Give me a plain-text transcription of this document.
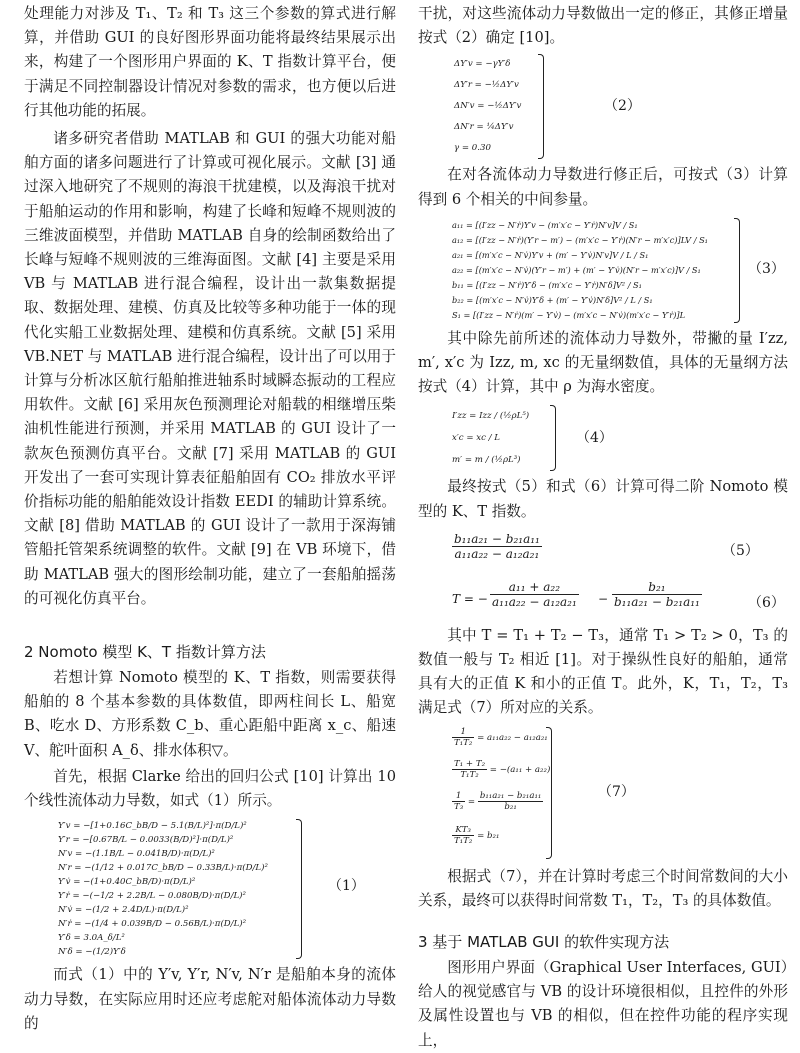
处理能力对涉及 T₁、T₂ 和 T₃ 这三个参数的算式进行解算，并借助 GUI 的良好图形界面功能将最终结果展示出来，构建了一个图形用户界面的 K、T 指数计算平台，便于满足不同控制器设计情况对参数的需求，也方便以后进行其他功能的拓展。

诸多研究者借助 MATLAB 和 GUI 的强大功能对船舶方面的诸多问题进行了计算或可视化展示。文献 [3] 通过深入地研究了不规则的海浪干扰建模，以及海浪干扰对于船舶运动的作用和影响，构建了长峰和短峰不规则波的三维波面模型，并借助 MATLAB 自身的绘制函数给出了长峰与短峰不规则波的三维海面图。文献 [4] 主要是采用 VB 与 MATLAB 进行混合编程，设计出一款集数据提取、数据处理、建模、仿真及比较等多种功能于一体的现代化实船工业数据处理、建模和仿真系统。文献 [5] 采用 VB.NET 与 MATLAB 进行混合编程，设计出了可以用于计算与分析冰区航行船舶推进轴系时域瞬态振动的工程应用软件。文献 [6] 采用灰色预测理论对船载的相继增压柴油机性能进行预测，并采用 MATLAB 的 GUI 设计了一款灰色预测仿真平台。文献 [7] 采用 MATLAB 的 GUI 开发出了一套可实现计算表征船舶固有 CO₂ 排放水平评价指标功能的船舶能效设计指数 EEDI 的辅助计算系统。文献 [8] 借助 MATLAB 的 GUI 设计了一款用于深海铺管船托管架系统调整的软件。文献 [9] 在 VB 环境下，借助 MATLAB 强大的图形绘制功能，建立了一套船舶摇荡的可视化仿真平台。

2 Nomoto 模型 K、T 指数计算方法

若想计算 Nomoto 模型的 K、T 指数，则需要获得船舶的 8 个基本参数的具体数值，即两柱间长 L、船宽 B、吃水 D、方形系数 C_b、重心距船中距离 x_c、船速 V、舵叶面积 A_δ、排水体积▽。

首先，根据 Clarke 给出的回归公式 [10] 计算出 10 个线性流体动力导数，如式（1）所示。

Y′v = −[1+0.16C_bB/D − 5.1(B/L)²]·π(D/L)²
Y′r = −[0.67B/L − 0.0033(B/D)²]·π(D/L)²
N′v = −(1.1B/L − 0.041B/D)·π(D/L)²
N′r = −(1/12 + 0.017C_bB/D − 0.33B/L)·π(D/L)²
Y′v̇ = −(1+0.40C_bB/D)·π(D/L)²
Y′ṙ = −(−1/2 + 2.2B/L − 0.080B/D)·π(D/L)²
N′v̇ = −(1/2 + 2.4D/L)·π(D/L)²
N′ṙ = −(1/4 + 0.039B/D − 0.56B/L)·π(D/L)²
Y′δ = 3.0A_δ/L²
N′δ = −(1/2)Y′δ
（1）

而式（1）中的 Y′v, Y′r, N′v, N′r 是船舶本身的流体动力导数，在实际应用时还应考虑舵对船体流体动力导数的

干扰，对这些流体动力导数做出一定的修正，其修正增量按式（2）确定 [10]。

ΔY′v = −γY′δ
ΔY′r = −½ΔY′v
ΔN′v = −½ΔY′v
ΔN′r = ¼ΔY′v
γ = 0.30
（2）

在对各流体动力导数进行修正后，可按式（3）计算得到 6 个相关的中间参量。

a₁₁ = [(I′zz − N′ṙ)Y′v − (m′x′c − Y′ṙ)N′v]V / S₁
a₁₂ = [(I′zz − N′ṙ)(Y′r − m′) − (m′x′c − Y′ṙ)(N′r − m′x′c)]LV / S₁
a₂₁ = [(m′x′c − N′v̇)Y′v + (m′ − Y′v̇)N′v]V / L / S₁
a₂₂ = [(m′x′c − N′v̇)(Y′r − m′) + (m′ − Y′v̇)(N′r − m′x′c)]V / S₁
b₁₁ = [(I′zz − N′ṙ)Y′δ − (m′x′c − Y′ṙ)N′δ]V² / S₁
b₂₂ = [(m′x′c − N′v̇)Y′δ + (m′ − Y′v̇)N′δ]V² / L / S₁
S₁ = [(I′zz − N′ṙ)(m′ − Y′v̇) − (m′x′c − N′v̇)(m′x′c − Y′ṙ)]L
（3）

其中除先前所述的流体动力导数外，带撇的量 I′zz, m′, x′c 为 Izz, m, xc 的无量纲数值，具体的无量纲方法按式（4）计算，其中 ρ 为海水密度。

I′zz = Izz / (½ρL⁵)
x′c = xc / L
m′ = m / (½ρL³)
（4）

最终按式（5）和式（6）计算可得二阶 Nomoto 模型的 K、T 指数。

$\frac{\text{b₁₁a₂₁ − b₂₁a₁₁}}{\text{a₁₁a₂₂ − a₁₂a₂₁}}$	（5）
T = − $\frac{\text{a₁₁ + a₂₂}}{\text{a₁₁a₂₂ − a₁₂a₂₁}} - \frac{\text{b₂₁}}{\text{b₁₁a₂₁ − b₂₁a₁₁}}$	（6）

其中 T = T₁ + T₂ − T₃，通常 T₁ > T₂ > 0，T₃ 的数值一般与 T₂ 相近 [1]。对于操纵性良好的船舶，通常具有大的正值 K 和小的正值 T。此外，K，T₁，T₂，T₃ 满足式（7）所对应的关系。

$\frac{1}{\text{T₁T₂}} = a_{11}a_{22} - a_{12}a_{21}$
$\frac{\text{T₁ + T₂}}{\text{T₁T₂}} = -(a_{11} + a_{22})$
$\frac{1}{\text{T₃}} = \frac{\text{b₁₁a₂₁ − b₂₁a₁₁}}{\text{b₂₁}}$
$\frac{\text{KT₃}}{\text{T₁T₂}} = b_{21}$
（7）

根据式（7），并在计算时考虑三个时间常数间的大小关系，最终可以获得时间常数 T₁，T₂，T₃ 的具体数值。

3 基于 MATLAB GUI 的软件实现方法

图形用户界面（Graphical User Interfaces, GUI）给人的视觉感官与 VB 的设计环境很相似，且控件的外形及属性设置也与 VB 的相似，但在控件功能的程序实现上，
